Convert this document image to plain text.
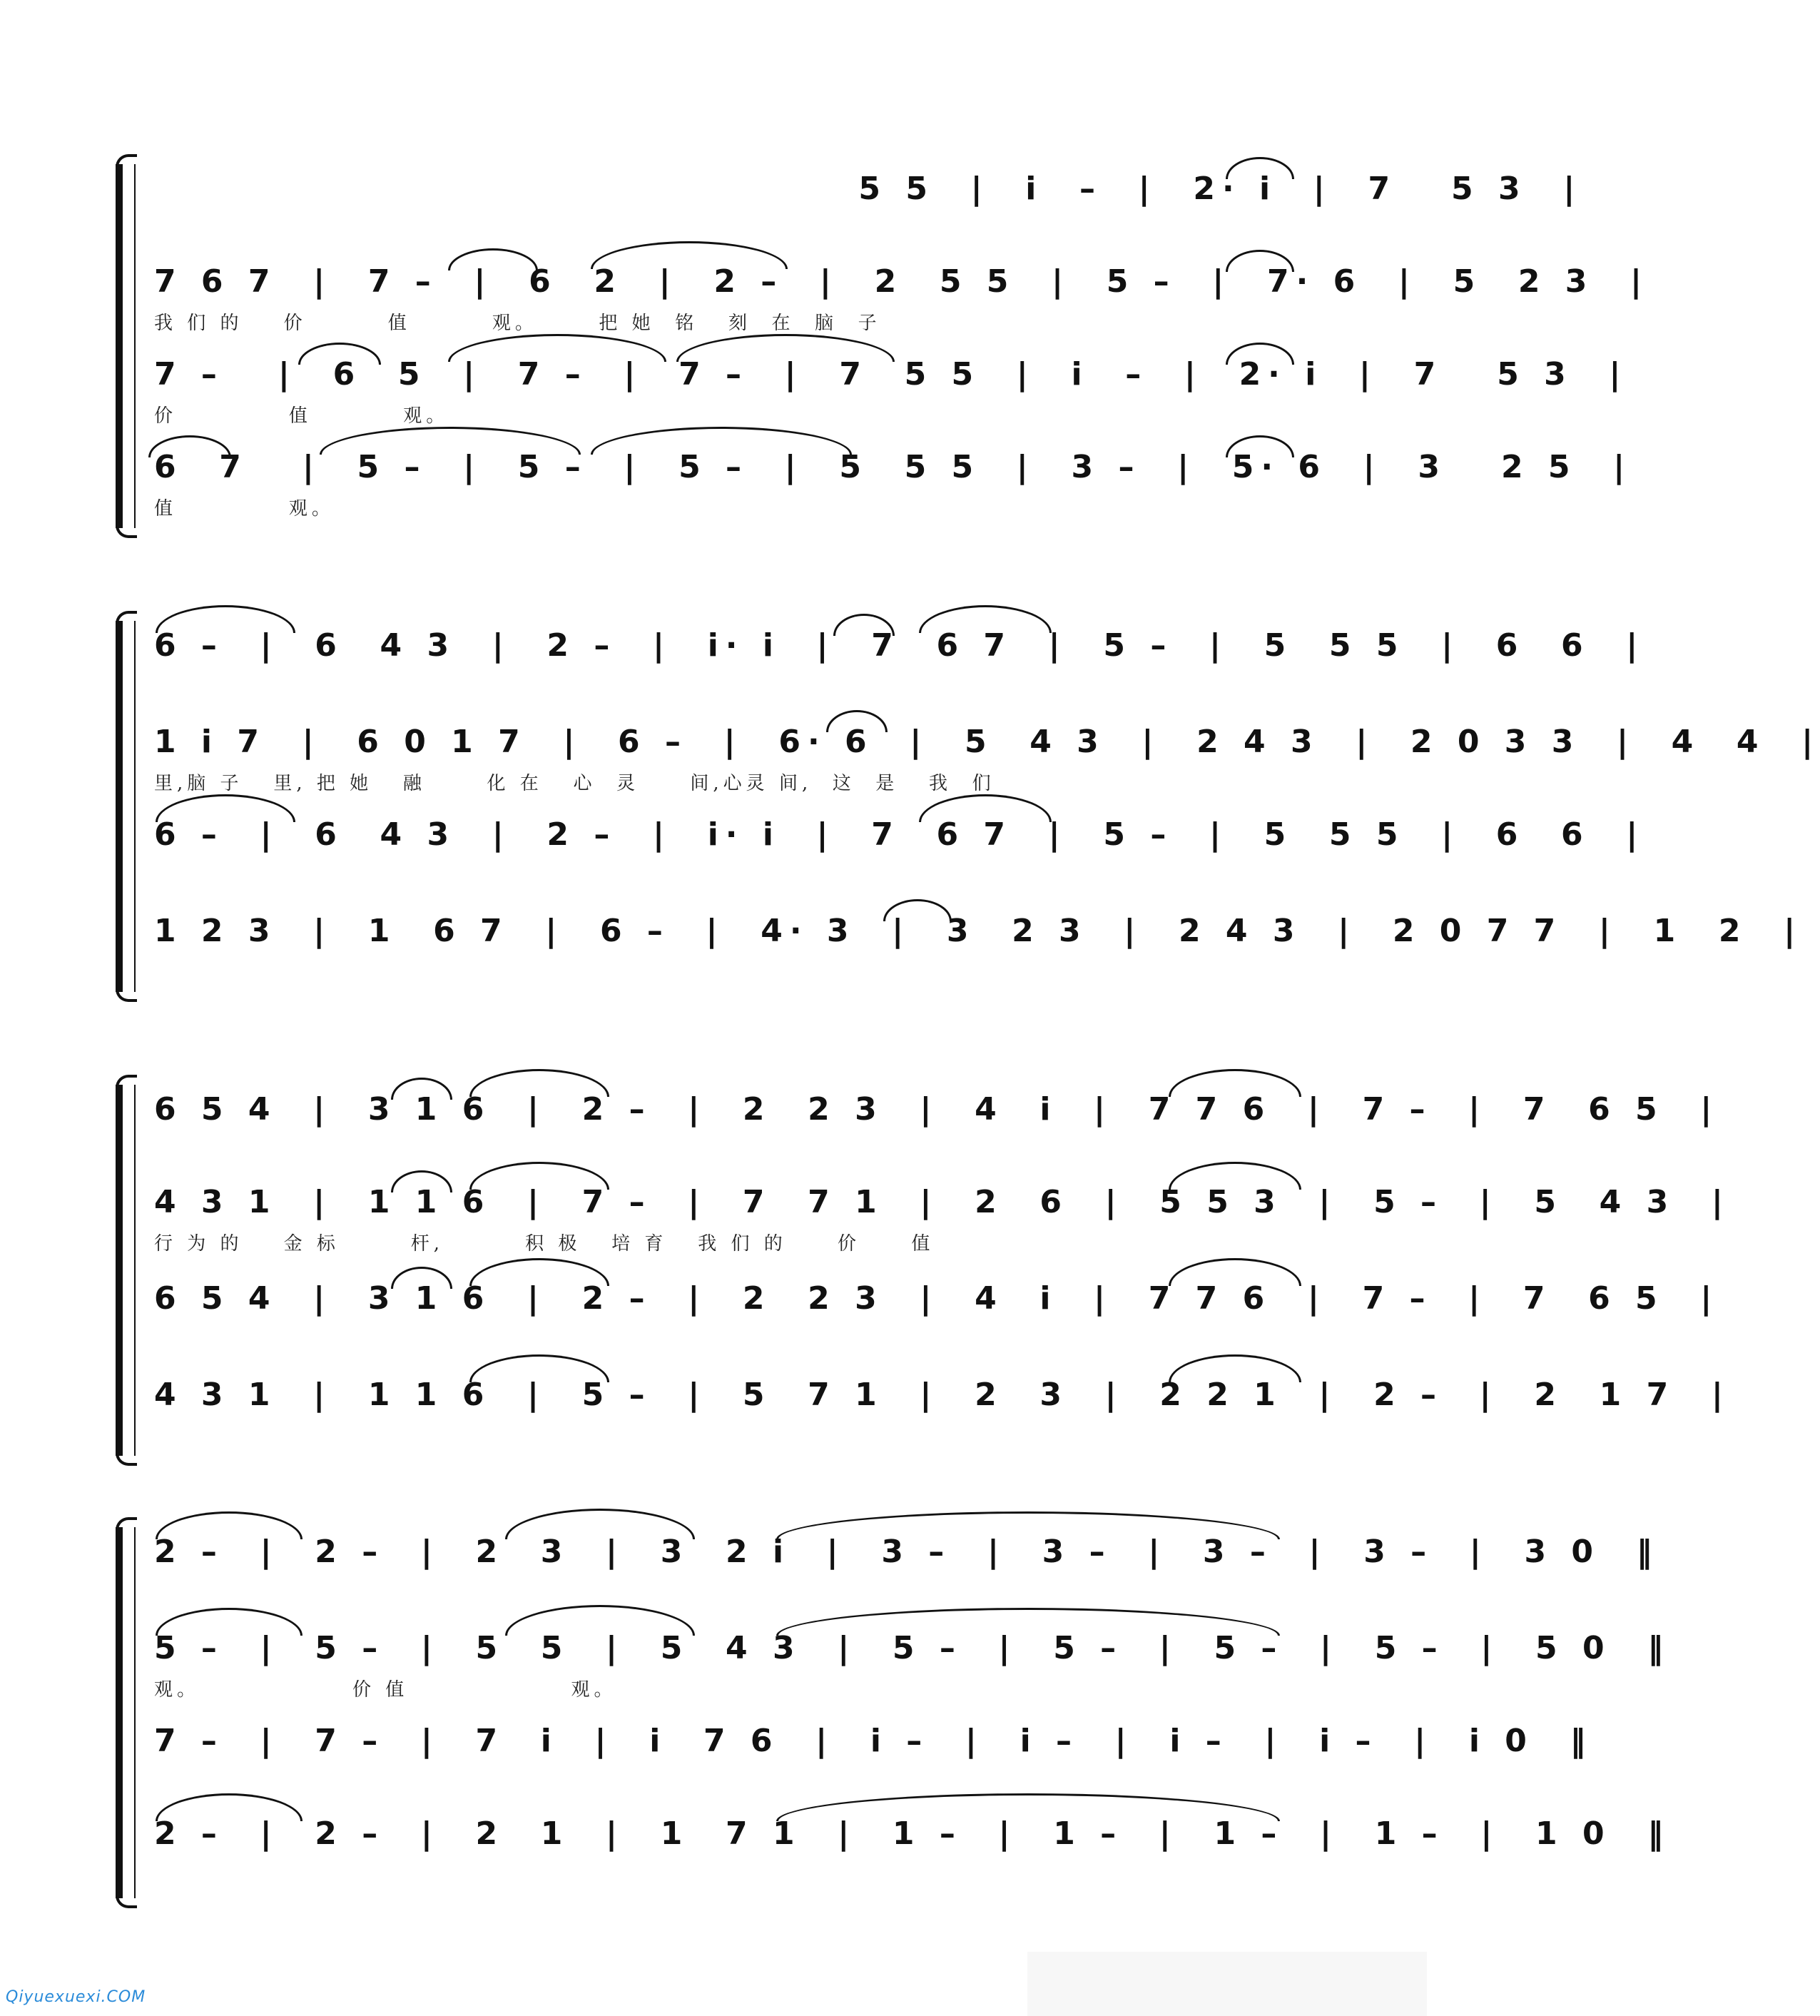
5 5  |  i  –  |  2· i  |  7   5 3  |
7 6 7  |  7 –  |  6  2  |  2 –  |  2  5 5  |  5 –  |  7· 6  |  5  2 3  |
我 们 的    价        值        观。      把 她  铭   刻  在  脑  子
7 –   |  6  5  |  7 –  |  7 –  |  7  5 5  |  i  –  |  2· i  |  7   5 3  |
价           值         观。
6  7   |  5 –  |  5 –  |  5 –  |  5  5 5  |  3 –  |  5· 6  |  3   2 5  |
值           观。
6 –  |  6  4 3  |  2 –  |  i· i  |  7  6 7  |  5 –  |  5  5 5  |  6  6  |
1 i 7  |  6 0 1 7  |  6 –  |  6· 6  |  5  4 3  |  2 4 3  |  2 0 3 3  |  4  4  |
里,脑 子   里, 把 她   融      化 在   心  灵     间,心灵 间,  这  是   我  们
6 –  |  6  4 3  |  2 –  |  i· i  |  7  6 7  |  5 –  |  5  5 5  |  6  6  |
1 2 3  |  1  6 7  |  6 –  |  4· 3  |  3  2 3  |  2 4 3  |  2 0 7 7  |  1  2  |
6 5 4  |  3 1 6  |  2 –  |  2  2 3  |  4  i  |  7 7 6  |  7 –  |  7  6 5  |
4 3 1  |  1 1 6  |  7 –  |  7  7 1  |  2  6  |  5 5 3  |  5 –  |  5  4 3  |
行 为 的    金 标       杆,        积 极   培 育   我 们 的     价     值
6 5 4  |  3 1 6  |  2 –  |  2  2 3  |  4  i  |  7 7 6  |  7 –  |  7  6 5  |
4 3 1  |  1 1 6  |  5 –  |  5  7 1  |  2  3  |  2 2 1  |  2 –  |  2  1 7  |
2 –  |  2 –  |  2  3  |  3  2 i  |  3 –  |  3 –  |  3 –  |  3 –  |  3 0  ‖
5 –  |  5 –  |  5  5  |  5  4 3  |  5 –  |  5 –  |  5 –  |  5 –  |  5 0  ‖
观。               价 值                观。
7 –  |  7 –  |  7  i  |  i  7 6  |  i –  |  i –  |  i –  |  i –  |  i 0  ‖
2 –  |  2 –  |  2  1  |  1  7 1  |  1 –  |  1 –  |  1 –  |  1 –  |  1 0  ‖
Qiyuexuexi.COM
